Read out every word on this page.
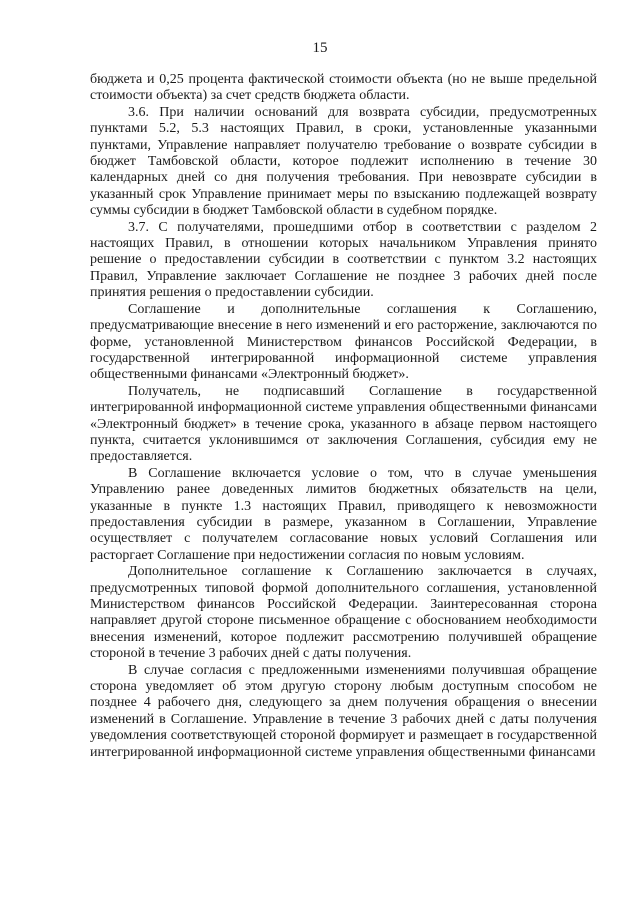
15

бюджета и 0,25 процента фактической стоимости объекта (но не выше предельной стоимости объекта) за счет средств бюджета области.

3.6. При наличии оснований для возврата субсидии, предусмотренных пунктами 5.2, 5.3 настоящих Правил, в сроки, установленные указанными пунктами, Управление направляет получателю требование о возврате субсидии в бюджет Тамбовской области, которое подлежит исполнению в течение 30 календарных дней со дня получения требования. При невозврате субсидии в указанный срок Управление принимает меры по взысканию подлежащей возврату суммы субсидии в бюджет Тамбовской области в судебном порядке.

3.7. С получателями, прошедшими отбор в соответствии с разделом 2 настоящих Правил, в отношении которых начальником Управления принято решение о предоставлении субсидии в соответствии с пунктом 3.2 настоящих Правил, Управление заключает Соглашение не позднее 3 рабочих дней после принятия решения о предоставлении субсидии.

Соглашение и дополнительные соглашения к Соглашению, предусматривающие внесение в него изменений и его расторжение, заключаются по форме, установленной Министерством финансов Российской Федерации, в государственной интегрированной информационной системе управления общественными финансами «Электронный бюджет».

Получатель, не подписавший Соглашение в государственной интегрированной информационной системе управления общественными финансами «Электронный бюджет» в течение срока, указанного в абзаце первом настоящего пункта, считается уклонившимся от заключения Соглашения, субсидия ему не предоставляется.

В Соглашение включается условие о том, что в случае уменьшения Управлению ранее доведенных лимитов бюджетных обязательств на цели, указанные в пункте 1.3 настоящих Правил, приводящего к невозможности предоставления субсидии в размере, указанном в Соглашении, Управление осуществляет с получателем согласование новых условий Соглашения или расторгает Соглашение при недостижении согласия по новым условиям.

Дополнительное соглашение к Соглашению заключается в случаях, предусмотренных типовой формой дополнительного соглашения, установленной Министерством финансов Российской Федерации. Заинтересованная сторона направляет другой стороне письменное обращение с обоснованием необходимости внесения изменений, которое подлежит рассмотрению получившей обращение стороной в течение 3 рабочих дней с даты получения.

В случае согласия с предложенными изменениями получившая обращение сторона уведомляет об этом другую сторону любым доступным способом не позднее 4 рабочего дня, следующего за днем получения обращения о внесении изменений в Соглашение. Управление в течение 3 рабочих дней с даты получения уведомления соответствующей стороной формирует и размещает в государственной интегрированной информационной системе управления общественными финансами
